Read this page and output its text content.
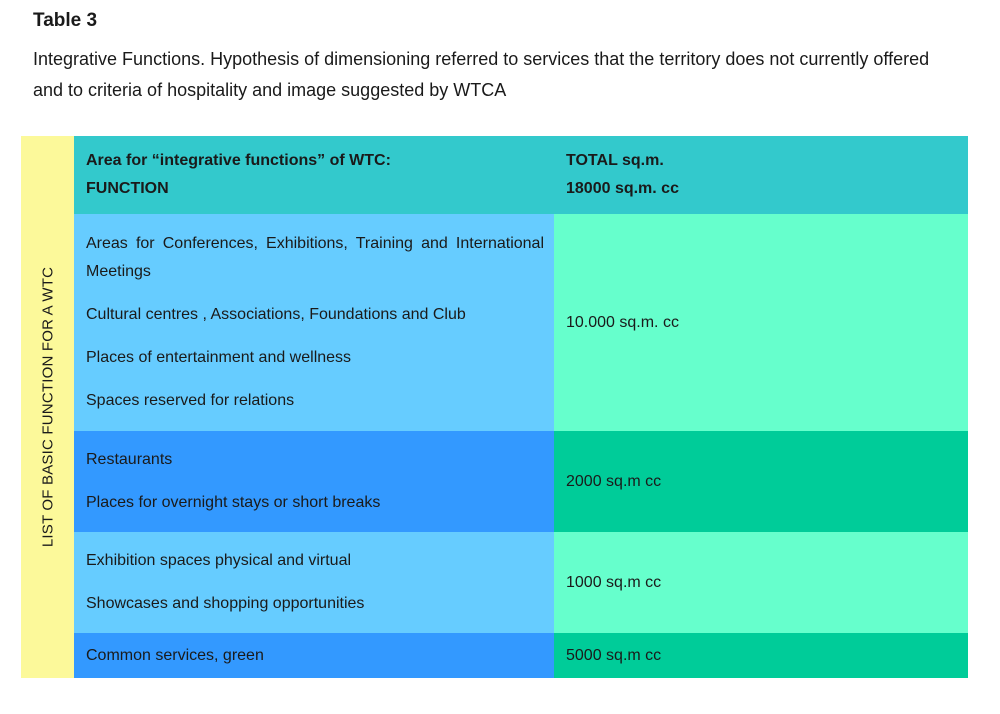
Table 3
Integrative Functions. Hypothesis of dimensioning referred to services that the territory does not currently offered and to criteria of hospitality and image suggested by WTCA
LIST OF BASIC FUNCTION FOR A WTC
Area for “integrative functions” of WTC:
FUNCTION
TOTAL sq.m.
18000 sq.m. cc
Areas for Conferences, Exhibitions, Training and International Meetings
Cultural centres , Associations, Foundations and Club
Places of entertainment and wellness
Spaces reserved for relations
10.000 sq.m. cc
Restaurants
Places for overnight stays or short breaks
2000 sq.m cc
Exhibition spaces physical and virtual
Showcases and shopping opportunities
1000 sq.m cc
Common services, green	5000 sq.m cc
